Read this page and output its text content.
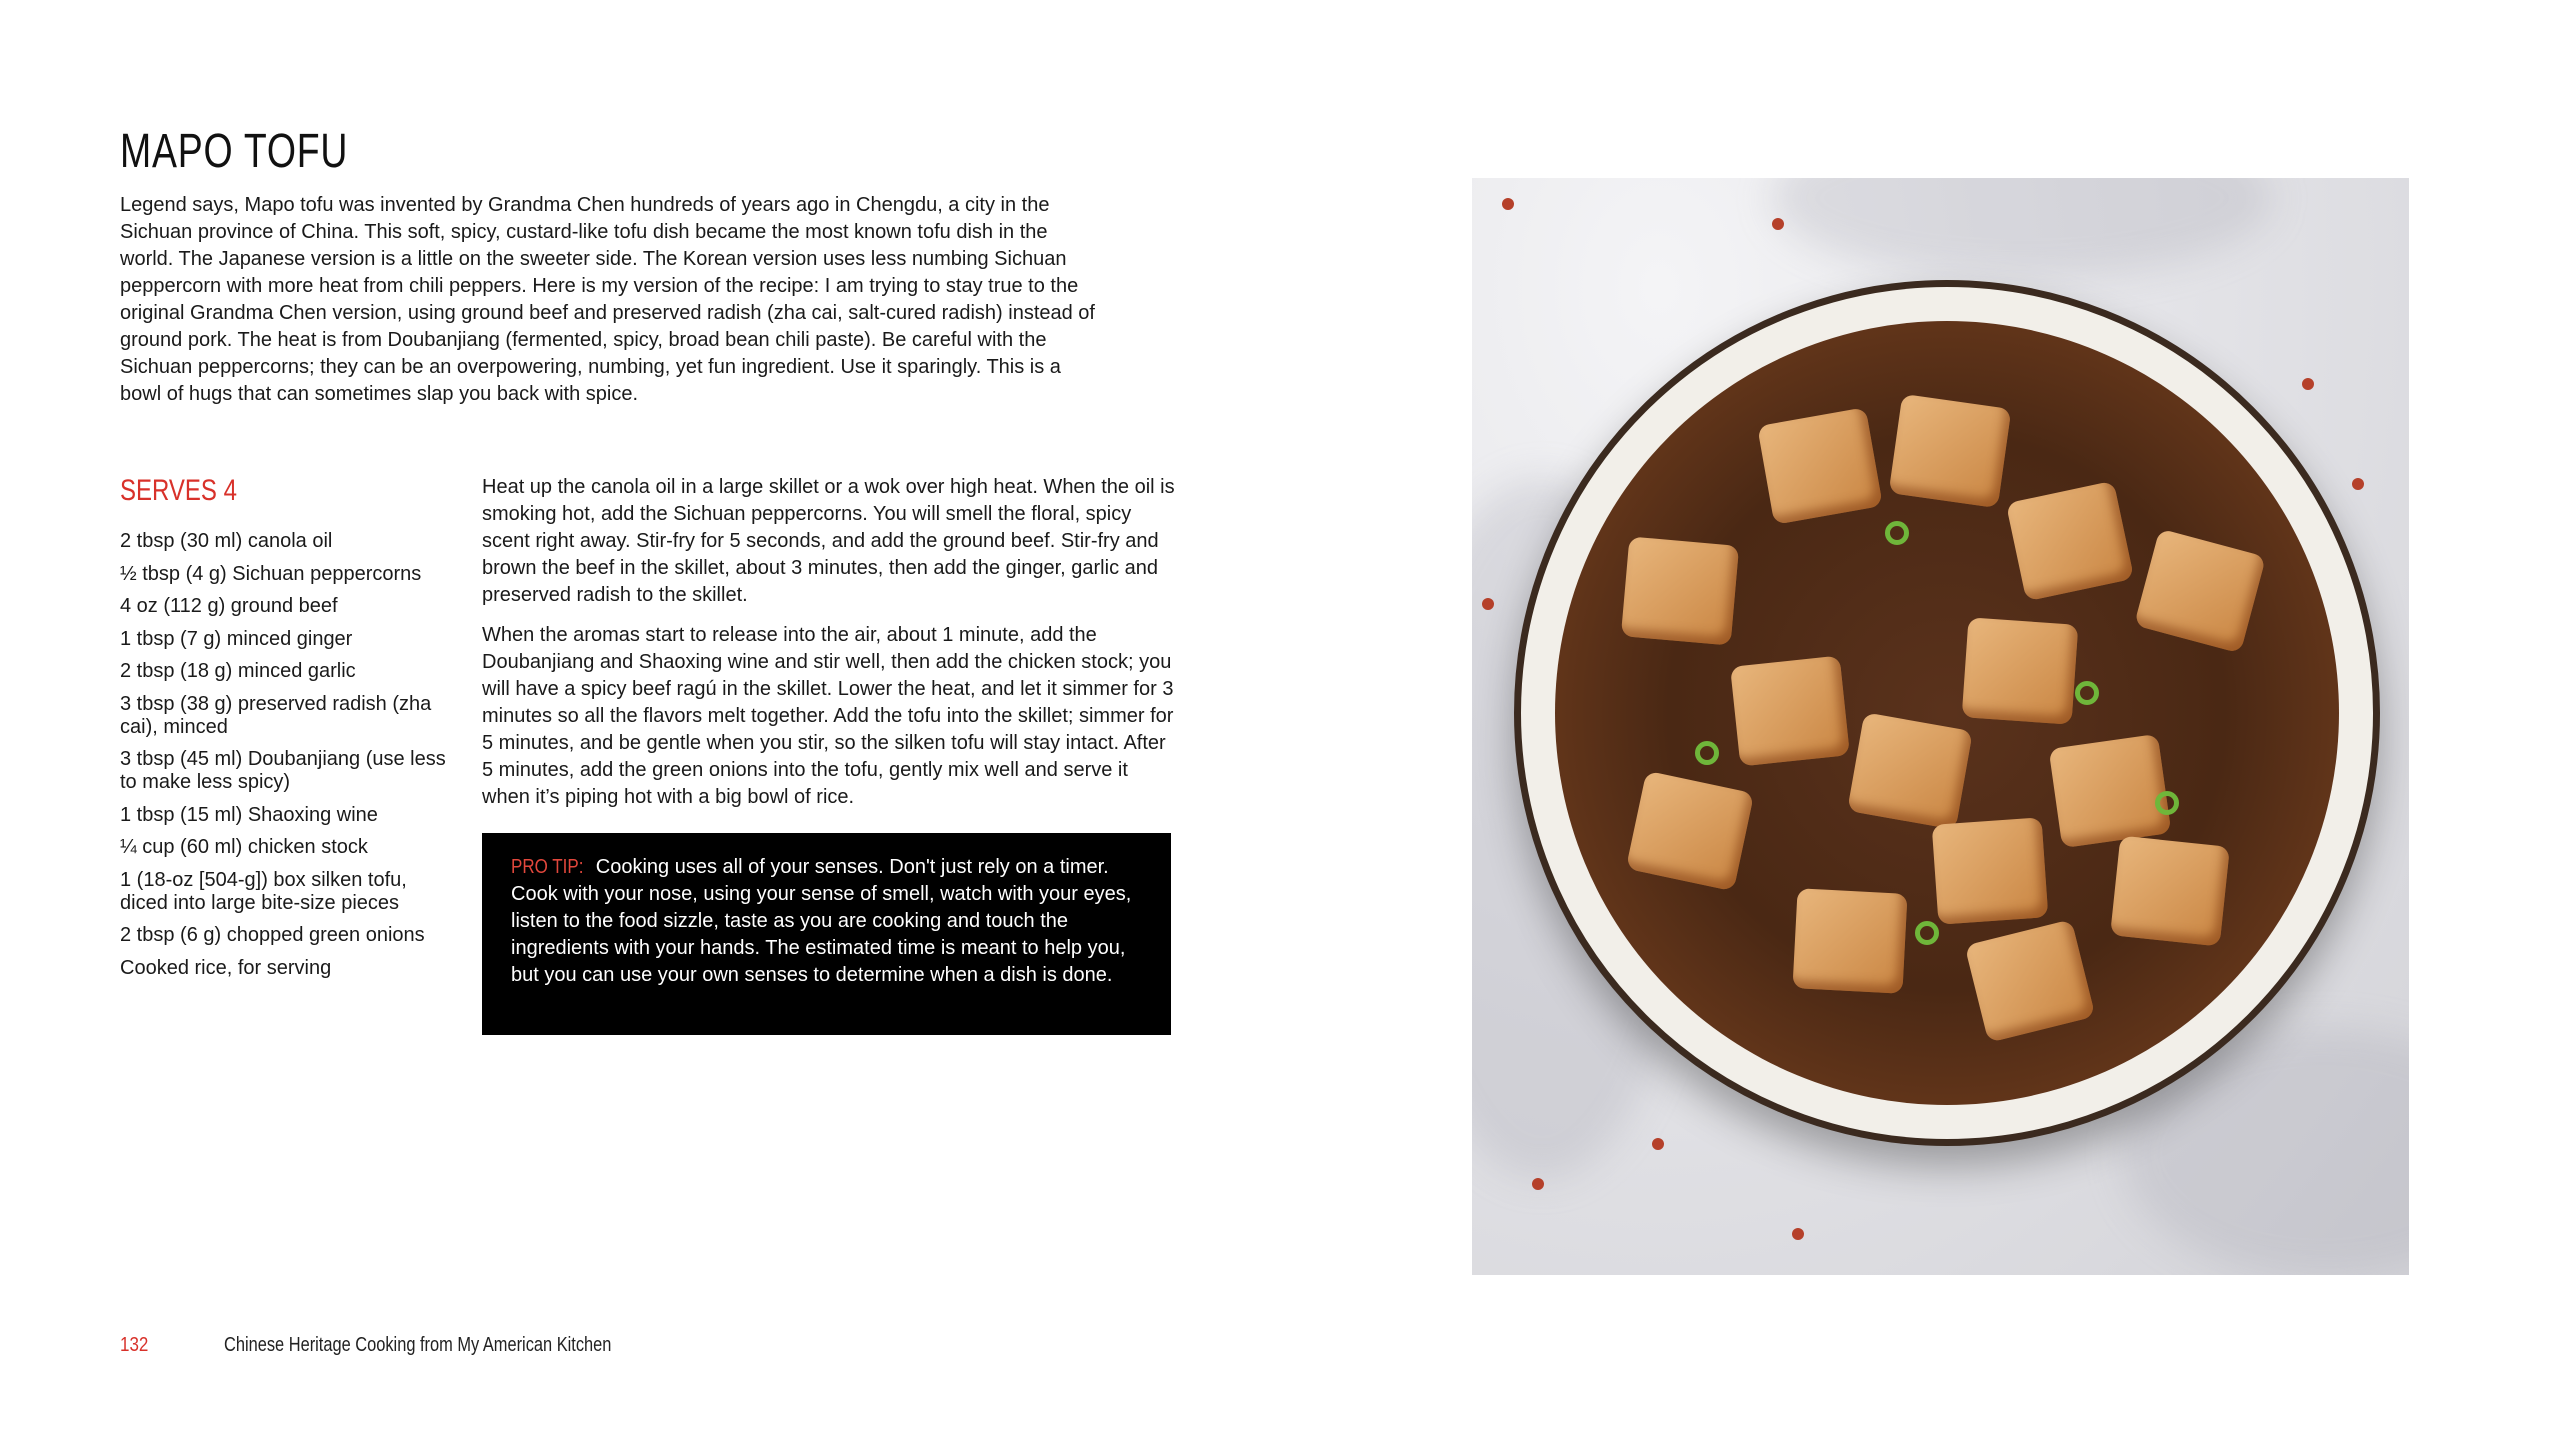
MAPO TOFU

Legend says, Mapo tofu was invented by Grandma Chen hundreds of years ago in Chengdu, a city in the Sichuan province of China. This soft, spicy, custard-like tofu dish became the most known tofu dish in the world. The Japanese version is a little on the sweeter side. The Korean version uses less numbing Sichuan peppercorn with more heat from chili peppers. Here is my version of the recipe: I am trying to stay true to the original Grandma Chen version, using ground beef and preserved radish (zha cai, salt-cured radish) instead of ground pork. The heat is from Doubanjiang (fermented, spicy, broad bean chili paste). Be careful with the Sichuan peppercorns; they can be an overpowering, numbing, yet fun ingredient. Use it sparingly. This is a bowl of hugs that can sometimes slap you back with spice.

SERVES 4
2 tbsp (30 ml) canola oil
½ tbsp (4 g) Sichuan peppercorns
4 oz (112 g) ground beef
1 tbsp (7 g) minced ginger
2 tbsp (18 g) minced garlic
3 tbsp (38 g) preserved radish (zha cai), minced
3 tbsp (45 ml) Doubanjiang (use less to make less spicy)
1 tbsp (15 ml) Shaoxing wine
¼ cup (60 ml) chicken stock
1 (18-oz [504-g]) box silken tofu, diced into large bite-size pieces
2 tbsp (6 g) chopped green onions
Cooked rice, for serving

Heat up the canola oil in a large skillet or a wok over high heat. When the oil is smoking hot, add the Sichuan peppercorns. You will smell the floral, spicy scent right away. Stir-fry for 5 seconds, and add the ground beef. Stir-fry and brown the beef in the skillet, about 3 minutes, then add the ginger, garlic and preserved radish to the skillet.

When the aromas start to release into the air, about 1 minute, add the Doubanjiang and Shaoxing wine and stir well, then add the chicken stock; you will have a spicy beef ragú in the skillet. Lower the heat, and let it simmer for 3 minutes so all the flavors melt together. Add the tofu into the skillet; simmer for 5 minutes, and be gentle when you stir, so the silken tofu will stay intact. After 5 minutes, add the green onions into the tofu, gently mix well and serve it when it’s piping hot with a big bowl of rice.

PRO TIP: Cooking uses all of your senses. Don't just rely on a timer. Cook with your nose, using your sense of smell, watch with your eyes, listen to the food sizzle, taste as you are cooking and touch the ingredients with your hands. The estimated time is meant to help you, but you can use your own senses to determine when a dish is done.
132	Chinese Heritage Cooking from My American Kitchen
